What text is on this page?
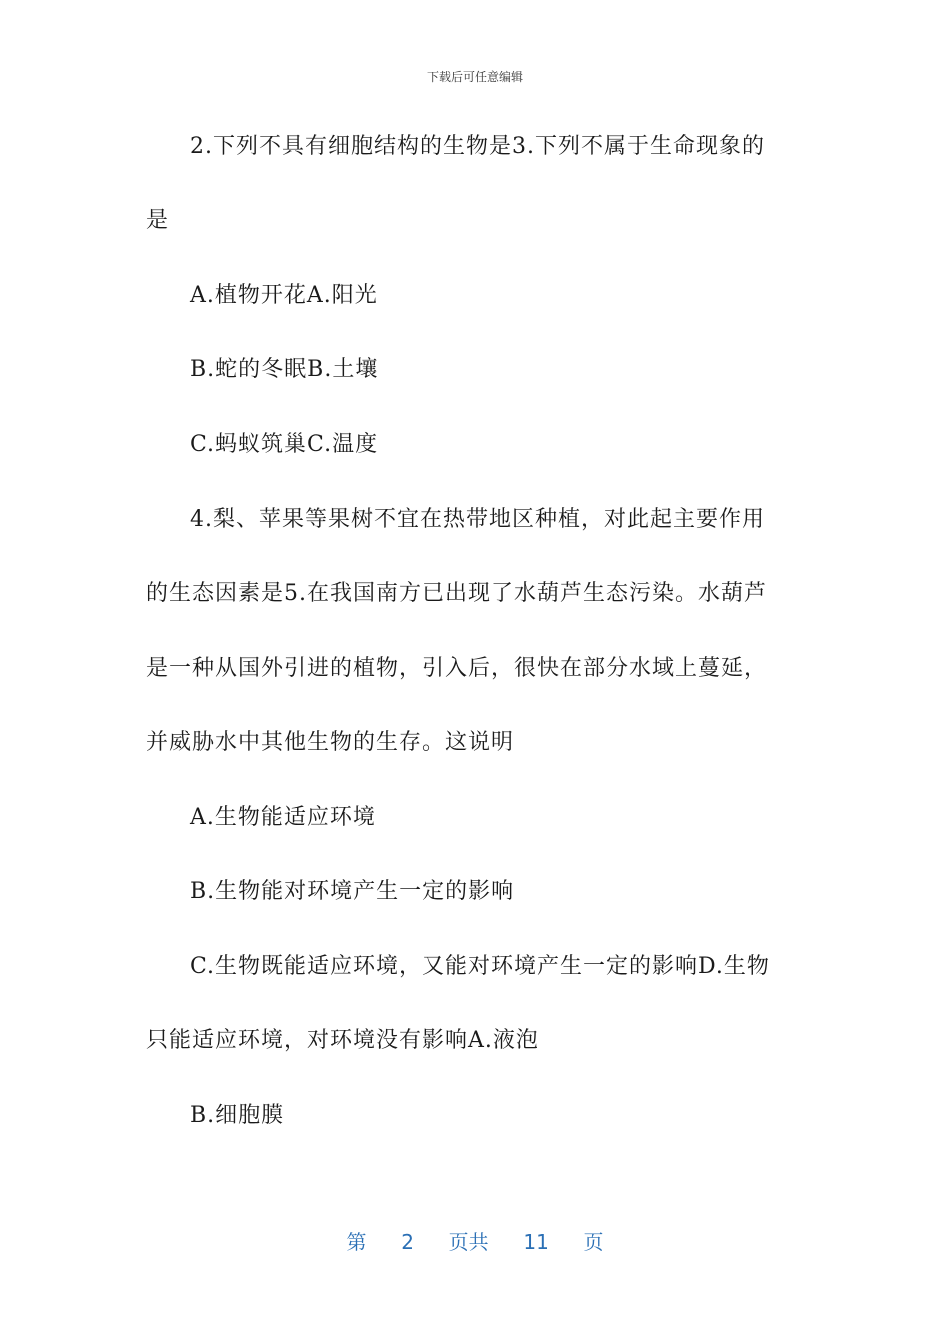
下载后可任意编辑
2.下列不具有细胞结构的生物是3.下列不属于生命现象的
是
A.植物开花A.阳光
B.蛇的冬眠B.土壤
C.蚂蚁筑巢C.温度
4.梨、苹果等果树不宜在热带地区种植，对此起主要作用
的生态因素是5.在我国南方已出现了水葫芦生态污染。水葫芦
是一种从国外引进的植物，引入后，很快在部分水域上蔓延，
并威胁水中其他生物的生存。这说明
A.生物能适应环境
B.生物能对环境产生一定的影响
C.生物既能适应环境，又能对环境产生一定的影响D.生物
只能适应环境，对环境没有影响A.液泡
B.细胞膜
第 2 页共 11 页
